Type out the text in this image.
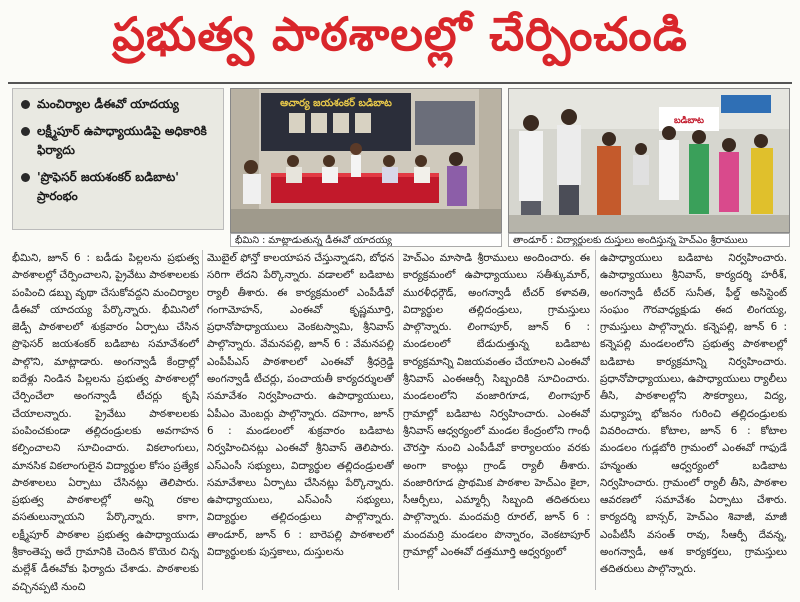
ప్రభుత్వ పాఠశాలల్లో చేర్పించండి
మంచిర్యాల డీఈవో యాదయ్య
లక్ష్మీపూర్ ఉపాధ్యాయుడిపై అధికారికి ఫిర్యాదు
'ప్రొఫెసర్ జయశంకర్ బడిబాట' ప్రారంభం
ఆచార్య జయశంకర్ బడిబాట
భీమిని : మాట్లాడుతున్న డీఈవో యాదయ్య
బడిబాట
తాండూర్ : విద్యార్థులకు దుస్తులు అందిస్తున్న హెచ్ఎం శ్రీరాములు

భీమిని, జూన్ 6 : బడీడు పిల్లలను ప్రభుత్వ పాఠశాలల్లో చేర్పించాలని, ప్రైవేటు పాఠశాలలకు పంపించి డబ్బు వృథా చేసుకోవద్దని మంచిర్యాల డీఈవో యాదయ్య పేర్కొన్నారు. భీమినిలో జెడ్పీ పాఠశాలలో శుక్రవారం ఏర్పాటు చేసిన ప్రొఫెసర్ జయశంకర్ బడిబాట సమావేశంలో పాల్గొని, మాట్లాడారు. అంగన్వాడీ కేంద్రాల్లో ఐదేళ్లు నిండిన పిల్లలను ప్రభుత్వ పాఠశాలల్లో చేర్పించేలా అంగన్వాడీ టీచర్లు కృషి చేయాలన్నారు. ప్రైవేటు పాఠశాలలకు పంపించకుండా తల్లిదండ్రులకు అవగాహన కల్పించాలని సూచించారు. వికలాంగులు, మానసిక వికలాంగులైన విద్యార్థుల కోసం ప్రత్యేక పాఠశాలలు ఏర్పాటు చేసినట్లు తెలిపారు. ప్రభుత్వ పాఠశాలల్లో అన్ని రకాల వసతులున్నాయని పేర్కొన్నారు. కాగా, లక్ష్మీపూర్ పాఠశాల ప్రభుత్వ ఉపాధ్యాయుడు శ్రీకాంతెప్ప అదే గ్రామానికి చెందిన కొయెర చిన్న మల్లేశ్ డీఈవోకు ఫిర్యాదు చేశాడు. పాఠశాలకు వచ్చినప్పటి నుంచి

మొబైల్ ఫోన్తో కాలయాపన చేస్తున్నాడని, బోధన సరిగా లేదని పేర్కొన్నారు. వడాలలో బడిబాట ర్యాలీ తీశారు. ఈ కార్యక్రమంలో ఎంపీడీవో గంగామోహన్, ఎంఈవో కృష్ణమూర్తి, ప్రధానోపాధ్యాయులు వెంకటస్వామి, శ్రీనివాస్ పాల్గొన్నారు. వేమనపల్లి, జూన్ 6 : వేమనపల్లి ఎంపీపీఎస్ పాఠశాలలో ఎంఈవో శ్రీధర్రెడ్డి అంగన్వాడీ టీచర్లు, పంచాయతీ కార్యదర్శులతో సమావేశం నిర్వహించారు. ఉపాధ్యాయులు, ఏపీఎం మెంబర్లు పాల్గొన్నారు. దహెగాం, జూన్ 6 : మండలంలో శుక్రవారం బడిబాట నిర్వహించినట్లు ఎంఈవో శ్రీనివాస్ తెలిపారు. ఎస్ఎంసీ సభ్యులు, విద్యార్థుల తల్లిదండ్రులతో సమావేశాలు ఏర్పాటు చేసినట్లు పేర్కొన్నారు. ఉపాధ్యాయులు, ఎస్ఎంసీ సభ్యులు, విద్యార్థుల తల్లిదండ్రులు పాల్గొన్నారు. తాండూర్, జూన్ 6 : బారెపల్లి పాఠశాలలో విద్యార్థులకు పుస్తకాలు, దుస్తులను

హెచ్ఎం మాసాడి శ్రీరాములు అందించారు. ఈ కార్యక్రమంలో ఉపాధ్యాయులు సతీశ్కుమార్, మురళీధర్గౌడ్, అంగన్వాడీ టీచర్ కళావతి, విద్యార్థుల తల్లిదండ్రులు, గ్రామస్తులు పాల్గొన్నారు. లింగాపూర్, జూన్ 6 : మండలంలో బేడుదుత్తున్న బడిబాట కార్యక్రమాన్ని విజయవంతం చేయాలని ఎంఈవో శ్రీనివాస్ ఎంఈఆర్సీ సిబ్బందికి సూచించారు. మండలంలోని వంజారిగూడ, లింగాపూర్ గ్రామాల్లో బడిబాట నిర్వహించారు. ఎంఈవో శ్రీనివాస్ ఆధ్వర్యంలో మండల కేంద్రంలోని గాంధీ చౌరస్తా నుంచి ఎంపీడీవో కార్యాలయం వరకు అంగా కాంట్లు గ్రాండ్ ర్యాలీ తీశారు. వంజారిగూడ ప్రాథమిక పాఠశాల హెచ్ఎం కైలా, సీఆర్పీలు, ఎమ్మార్సీ సిబ్బంది తదితరులు పాల్గొన్నారు. మందమర్రి రూరల్, జూన్ 6 : మందమర్రి మండలం పొన్నారం, వెంకటాపూర్ గ్రామాల్లో ఎంఈవో దత్తమూర్తి ఆధ్వర్యంలో

ఉపాధ్యాయులు బడిబాట నిర్వహించారు. ఉపాధ్యాయులు శ్రీనివాస్, కార్యదర్శి హరీశ్, అంగన్వాడీ టీచర్ సునీత, ఫీల్డ్ అసిస్టెంట్ సంఘం గౌరవాధ్యక్షుడు ఈద లింగయ్య, గ్రామస్తులు పాల్గొన్నారు. కన్నెపల్లి, జూన్ 6 : కన్నెపల్లి మండలంలోని ప్రభుత్వ పాఠశాలల్లో బడిబాట కార్యక్రమాన్ని నిర్వహించారు. ప్రధానోపాధ్యాయులు, ఉపాధ్యాయులు ర్యాలీలు తీసి, పాఠశాలల్లోని సౌకర్యాలు, విద్య, మధ్యాహ్న భోజనం గురించి తల్లిదండ్రులకు వివరించారు. కోటాల, జూన్ 6 : కోటాల మండలం గుడ్లబోరి గ్రామంలో ఎంఈవో గాఫుడే హన్మంతు ఆధ్వర్యంలో బడిబాట నిర్వహించారు. గ్రామంలో ర్యాలీ తీసి, పాఠశాల ఆవరణలో సమావేశం ఏర్పాటు చేశారు. కార్యదర్శి బాన్సర్, హెచ్ఎం శివాజీ, మాజీ ఎంపీటీసీ వసంత్ రావు, సీఆర్పీ దేవన్న, అంగన్వాడీ, ఆశ కార్యకర్తలు, గ్రామస్తులు తదితరులు పాల్గొన్నారు.
